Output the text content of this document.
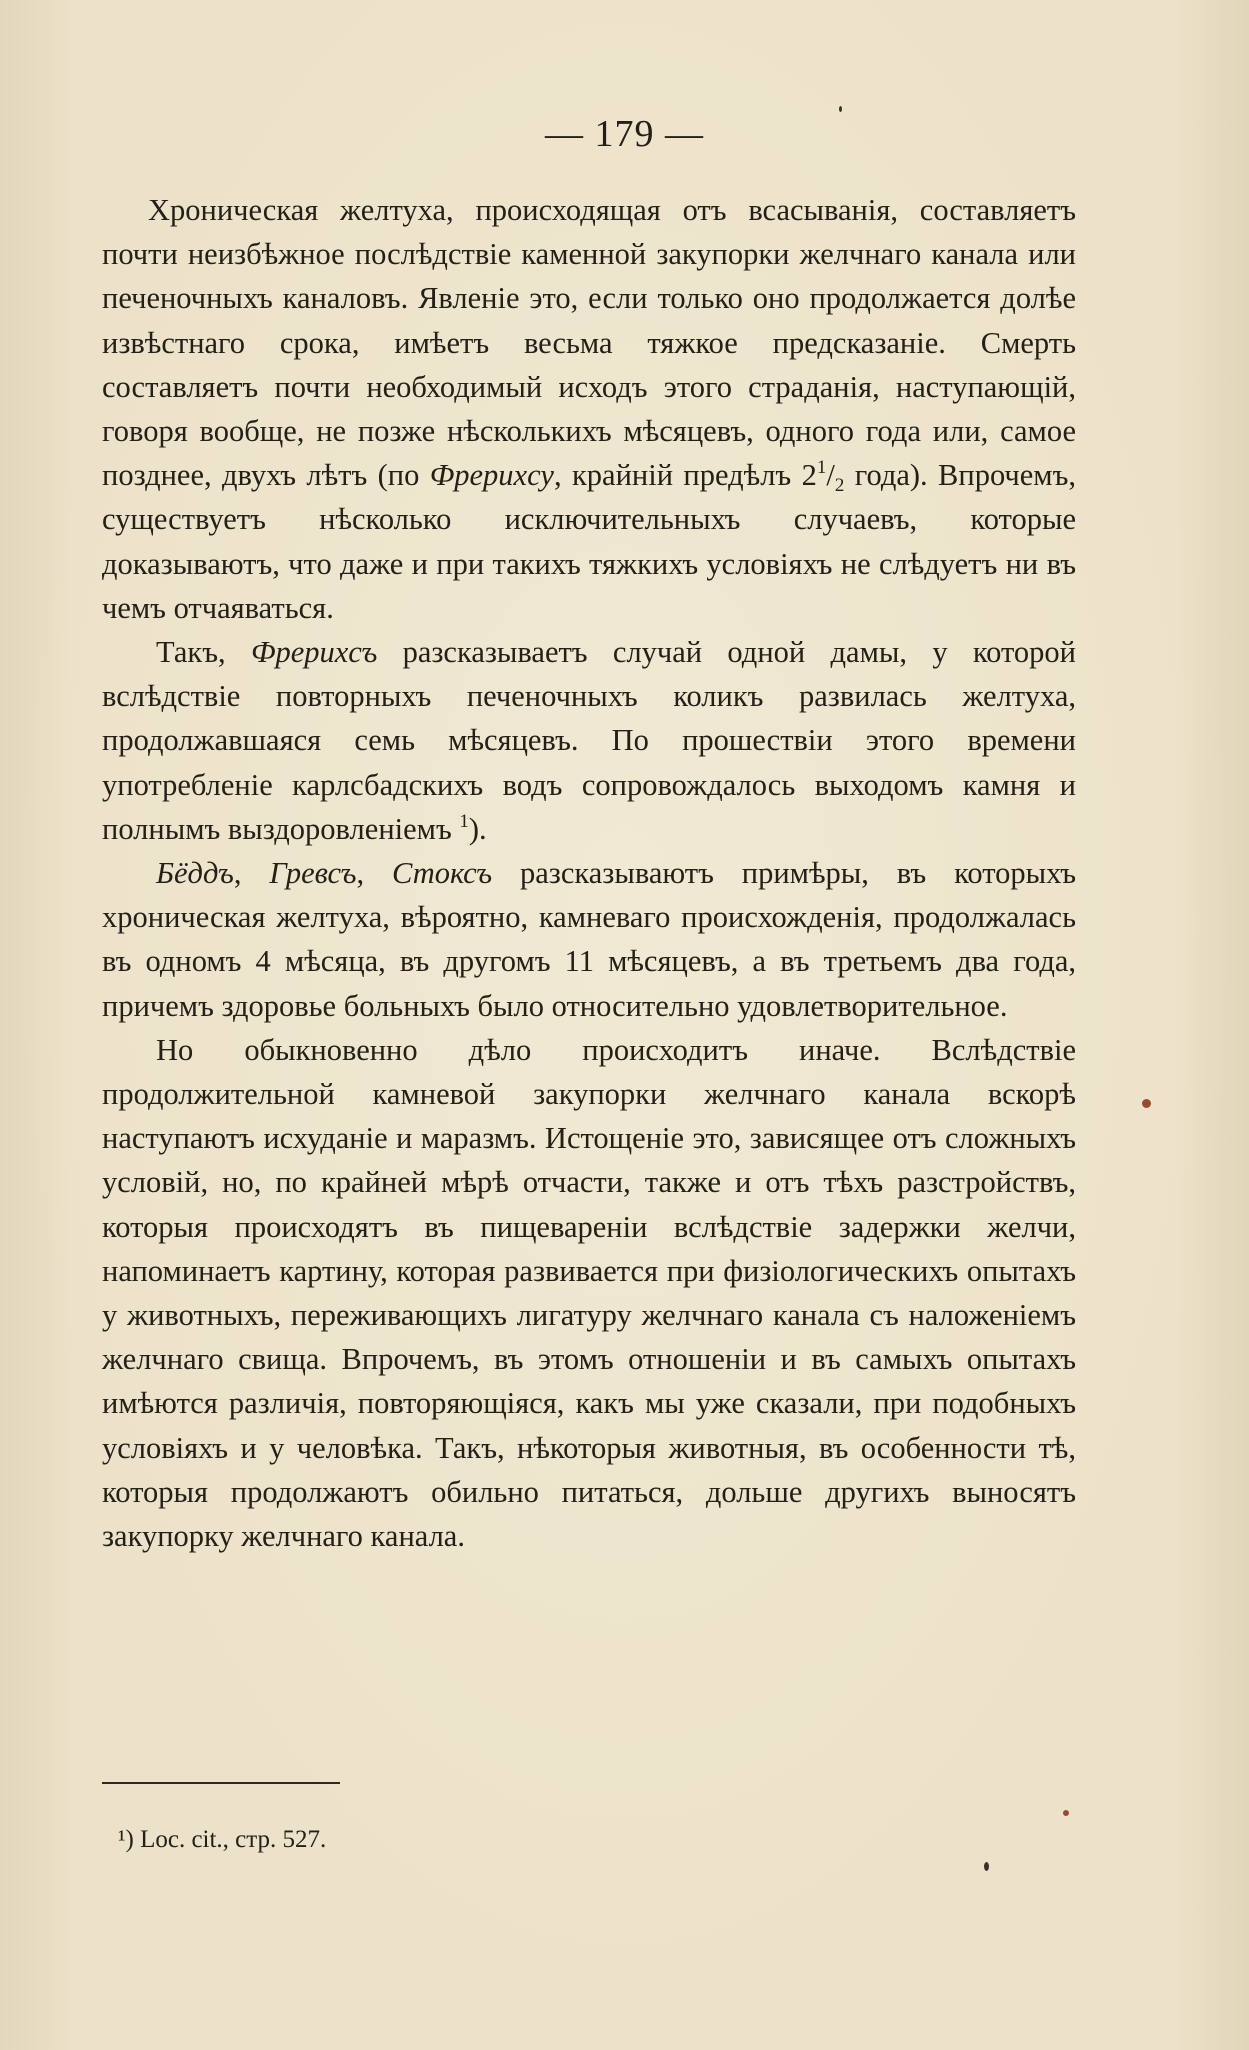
— 179 —

Хроническая желтуха, происходящая отъ всасыванія, составляетъ почти неизбѣжное послѣдствіе каменной закупорки желчнаго канала или печеночныхъ каналовъ. Явленіе это, если только оно продолжается долѣе извѣстнаго срока, имѣетъ весьма тяжкое предсказаніе. Смерть составляетъ почти необходимый исходъ этого страданія, наступающій, говоря вообще, не позже нѣсколькихъ мѣсяцевъ, одного года или, самое позднее, двухъ лѣтъ (по Фрериxсу, крайній предѣлъ $2^1/_2$ года). Впрочемъ, существуетъ нѣсколько исключительныхъ случаевъ, которые доказываютъ, что даже и при такихъ тяжкихъ условіяхъ не слѣдуетъ ни въ чемъ отчаяваться.

Такъ, Фрериxсъ разсказываетъ случай одной дамы, у которой вслѣдствіе повторныхъ печеночныхъ коликъ развилась желтуха, продолжавшаяся семь мѣсяцевъ. По прошествіи этого времени употребленіе карлсбадскихъ водъ сопровождалось выходомъ камня и полнымъ выздоровленіемъ $^1$).

Бёддъ, Гревсъ, Стоксъ разсказываютъ примѣры, въ которыхъ хроническая желтуха, вѣроятно, камневаго происхожденія, продолжалась въ одномъ 4 мѣсяца, въ другомъ 11 мѣсяцевъ, а въ третьемъ два года, причемъ здоровье больныхъ было относительно удовлетворительное.

Но обыкновенно дѣло происходитъ иначе. Вслѣдствіе продолжительной камневой закупорки желчнаго канала вскорѣ наступаютъ исхуданіе и маразмъ. Истощеніе это, зависящее отъ сложныхъ условій, но, по крайней мѣрѣ отчасти, также и отъ тѣхъ разстройствъ, которыя происходятъ въ пищевареніи вслѣдствіе задержки желчи, напоминаетъ картину, которая развивается при физіологическихъ опытахъ у животныхъ, переживающихъ лигатуру желчнаго канала съ наложеніемъ желчнаго свища. Впрочемъ, въ этомъ отношеніи и въ самыхъ опытахъ имѣются различія, повторяющіяся, какъ мы уже сказали, при подобныхъ условіяхъ и у человѣка. Такъ, нѣкоторыя животныя, въ особенности тѣ, которыя продолжаютъ обильно питаться, дольше другихъ выносятъ закупорку желчнаго канала.

¹) Loc. cit., стр. 527.
